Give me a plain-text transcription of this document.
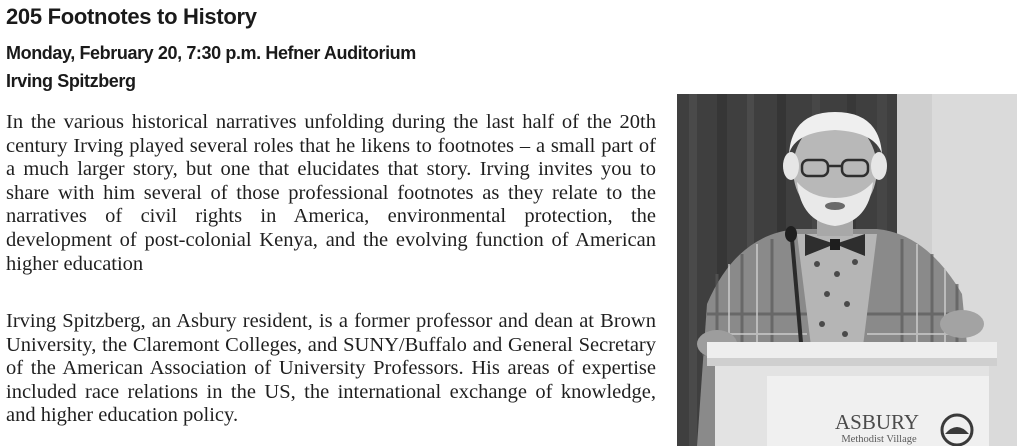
205 Footnotes to History
Monday, February 20, 7:30 p.m. Hefner Auditorium
Irving Spitzberg

In the various historical narratives unfolding during the last half of the 20th century Irving played several roles that he likens to footnotes – a small part of a much larger story, but one that elucidates that story. Irving invites you to share with him several of those professional footnotes as they relate to the narratives of civil rights in America, environmental protection, the development of post-colonial Kenya, and the evolving function of American higher education

Irving Spitzberg, an Asbury resident, is a former professor and dean at Brown University, the Claremont Colleges, and SUNY/Buffalo and General Secretary of the American Association of University Professors. His areas of expertise included race relations in the US, the international exchange of knowledge, and higher education policy.	ASBURY
Methodist Village
